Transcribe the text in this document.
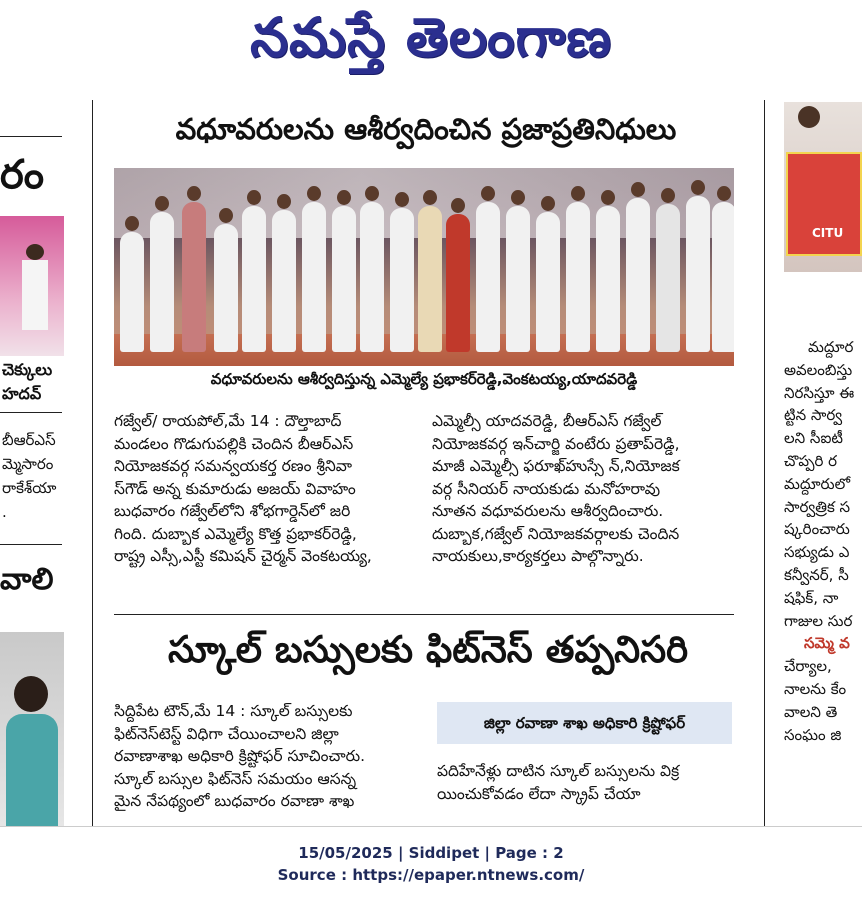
నమస్తే తెలంగాణ
రం
చెక్కులు
హదవ్
బీఆర్‌ఎస్
మ్మెసారం
రాకేశ్‌యా
.
వాలి
వధూవరులను ఆశీర్వదించిన ప్రజాప్రతినిధులు
వధూవరులను ఆశీర్వదిస్తున్న ఎమ్మెల్యే ప్రభాకర్‌రెడ్డి,వెంకటయ్య,యాదవరెడ్డి
గజ్వేల్/ రాయపోల్,మే 14 : దౌల్తాబాద్
మండలం గొడుగుపల్లికి చెందిన బీఆర్‌ఎస్
నియోజకవర్గ సమన్వయకర్త రణం శ్రీనివా
స్‌గౌడ్ అన్న కుమారుడు అజయ్ వివాహం
బుధవారం గజ్వేల్‌లోని శోభగార్డెన్‌లో జరి
గింది. దుబ్బాక ఎమ్మెల్యే కొత్త ప్రభాకర్‌రెడ్డి,
రాష్ట్ర ఎస్సీ,ఎస్టీ కమిషన్ చైర్మన్ వెంకటయ్య,
ఎమ్మెల్సీ యాదవరెడ్డి, బీఆర్‌ఎస్ గజ్వేల్
నియోజకవర్గ ఇన్‌చార్జి వంటేరు ప్రతాప్‌రెడ్డి,
మాజీ ఎమ్మెల్సీ ఫరూఖ్‌హుస్సే న్,నియోజక
వర్గ సీనియర్ నాయకుడు మనోహరావు
నూతన వధూవరులను ఆశీర్వదించారు.
దుబ్బాక,గజ్వేల్ నియోజకవర్గాలకు చెందిన
నాయకులు,కార్యకర్తలు పాల్గొన్నారు.
స్కూల్ బస్సులకు ఫిట్‌నెస్ తప్పనిసరి
సిద్దిపేట టౌన్,మే 14 : స్కూల్ బస్సులకు
ఫిట్‌నెస్‌టెస్ట్ విధిగా చేయించాలని జిల్లా
రవాణాశాఖ అధికారి క్రిష్టోఫర్ సూచించారు.
స్కూల్ బస్సుల ఫిట్‌నెస్ సమయం ఆసన్న
మైన నేపథ్యంలో బుధవారం రవాణా శాఖ
జిల్లా రవాణా శాఖ అధికారి క్రిష్టోఫర్
పదిహేనేళ్లు దాటిన స్కూల్ బస్సులను విక్ర
యించుకోవడం లేదా స్క్రాప్ చేయా
CITU
మద్దూర
అవలంబిస్తు
నిరసిస్తూ ఈ
ట్టిన సార్వ
లని సీఐటీ
చొప్పరి ర
మద్దూరులో
సార్వత్రిక స
ష్కరించారు
సభ్యుడు ఎ
కన్వీనర్, సీ
షఫిక్, నా
గాజుల సుర
సమ్మె వ
చేర్యాల,
నాలను కేం
వాలని తె
సంఘం జి
15/05/2025 | Siddipet | Page : 2
Source : https://epaper.ntnews.com/
